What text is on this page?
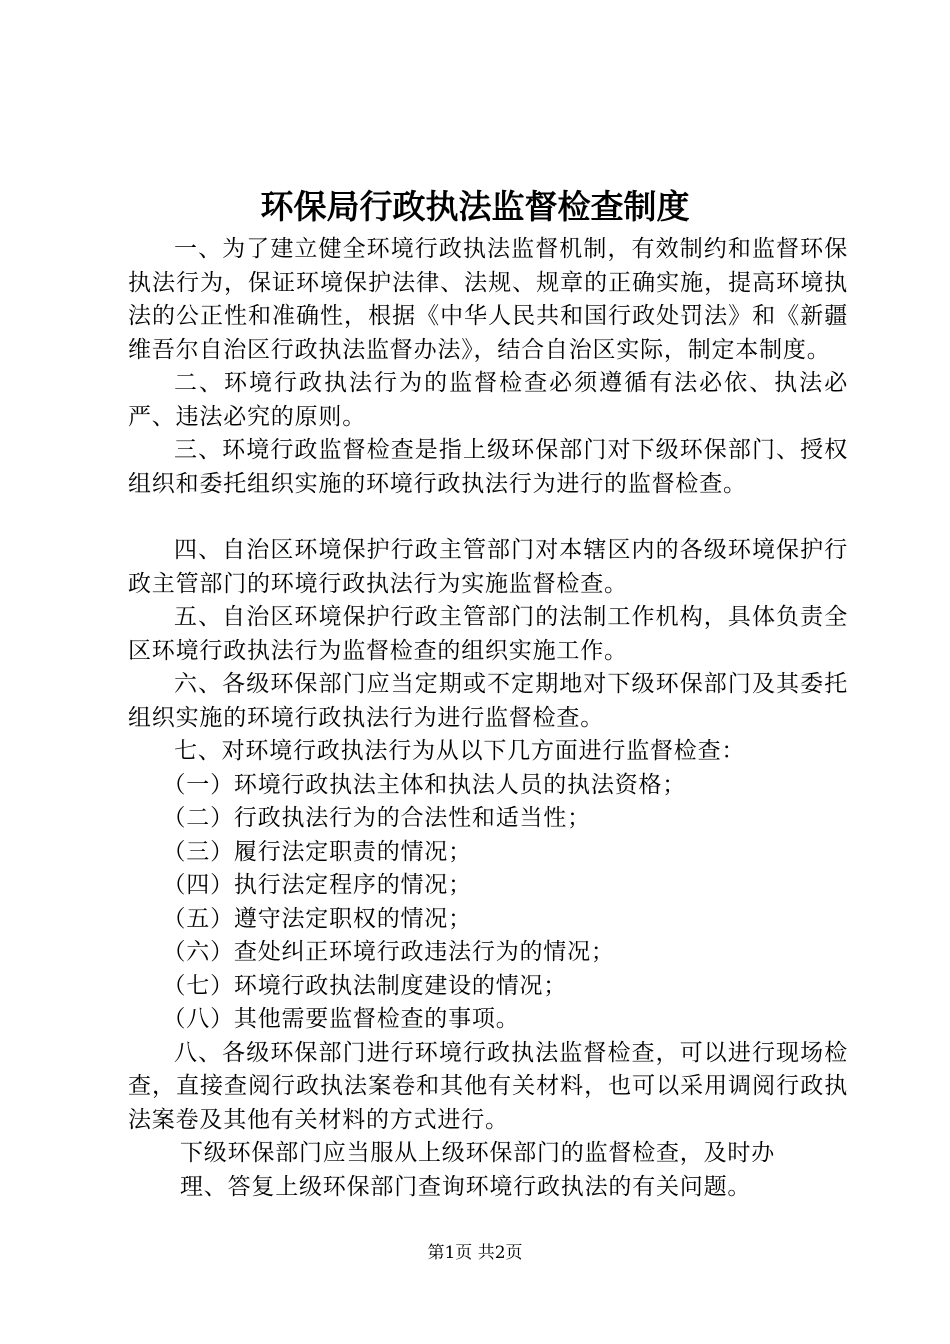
环保局行政执法监督检查制度

一、为了建立健全环境行政执法监督机制，有效制约和监督环保执法行为，保证环境保护法律、法规、规章的正确实施，提高环境执法的公正性和准确性，根据《中华人民共和国行政处罚法》和《新疆维吾尔自治区行政执法监督办法》，结合自治区实际，制定本制度。

二、环境行政执法行为的监督检查必须遵循有法必依、执法必严、违法必究的原则。

三、环境行政监督检查是指上级环保部门对下级环保部门、授权组织和委托组织实施的环境行政执法行为进行的监督检查。

四、自治区环境保护行政主管部门对本辖区内的各级环境保护行政主管部门的环境行政执法行为实施监督检查。

五、自治区环境保护行政主管部门的法制工作机构，具体负责全区环境行政执法行为监督检查的组织实施工作。

六、各级环保部门应当定期或不定期地对下级环保部门及其委托组织实施的环境行政执法行为进行监督检查。

七、对环境行政执法行为从以下几方面进行监督检查：

（一）环境行政执法主体和执法人员的执法资格；

（二）行政执法行为的合法性和适当性；

（三）履行法定职责的情况；

（四）执行法定程序的情况；

（五）遵守法定职权的情况；

（六）查处纠正环境行政违法行为的情况；

（七）环境行政执法制度建设的情况；

（八）其他需要监督检查的事项。

八、各级环保部门进行环境行政执法监督检查，可以进行现场检查，直接查阅行政执法案卷和其他有关材料，也可以采用调阅行政执法案卷及其他有关材料的方式进行。

下级环保部门应当服从上级环保部门的监督检查，及时办理、答复上级环保部门查询环境行政执法的有关问题。

第1页 共2页
